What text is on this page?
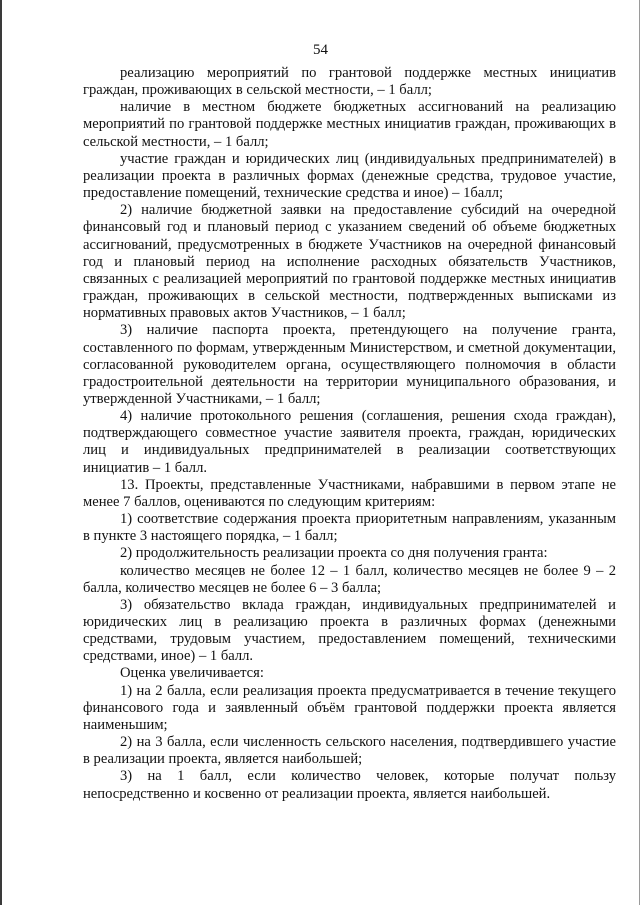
54

реализацию мероприятий по грантовой поддержке местных инициатив граждан, проживающих в сельской местности, – 1 балл;

наличие в местном бюджете бюджетных ассигнований на реализацию мероприятий по грантовой поддержке местных инициатив граждан, проживающих в сельской местности, – 1 балл;

участие граждан и юридических лиц (индивидуальных предпринимателей) в реализации проекта в различных формах (денежные средства, трудовое участие, предоставление помещений, технические средства и иное) – 1балл;

2) наличие бюджетной заявки на предоставление субсидий на очередной финансовый год и плановый период с указанием сведений об объеме бюджетных ассигнований, предусмотренных в бюджете Участников на очередной финансовый год и плановый период на исполнение расходных обязательств Участников, связанных с реализацией мероприятий по грантовой поддержке местных инициатив граждан, проживающих в сельской местности, подтвержденных выписками из нормативных правовых актов Участников, – 1 балл;

3) наличие паспорта проекта, претендующего на получение гранта, составленного по формам, утвержденным Министерством, и сметной документации, согласованной руководителем органа, осуществляющего полномочия в области градостроительной деятельности на территории муниципального образования, и утвержденной Участниками, – 1 балл;

4) наличие протокольного решения (соглашения, решения схода граждан), подтверждающего совместное участие заявителя проекта, граждан, юридических лиц и индивидуальных предпринимателей в реализации соответствующих инициатив – 1 балл.

13. Проекты, представленные Участниками, набравшими в первом этапе не менее 7 баллов, оцениваются по следующим критериям:

1) соответствие содержания проекта приоритетным направлениям, указанным в пункте 3 настоящего порядка, – 1 балл;

2) продолжительность реализации проекта со дня получения гранта:

количество месяцев не более 12 – 1 балл, количество месяцев не более 9 – 2 балла, количество месяцев не более 6 – 3 балла;

3) обязательство вклада граждан, индивидуальных предпринимателей и юридических лиц в реализацию проекта в различных формах (денежными средствами, трудовым участием, предоставлением помещений, техническими средствами, иное) – 1 балл.

Оценка увеличивается:

1) на 2 балла, если реализация проекта предусматривается в течение текущего финансового года и заявленный объём грантовой поддержки проекта является наименьшим;

2) на 3 балла, если численность сельского населения, подтвердившего участие в реализации проекта, является наибольшей;

3) на 1 балл, если количество человек, которые получат пользу непосредственно и косвенно от реализации проекта, является наибольшей.
